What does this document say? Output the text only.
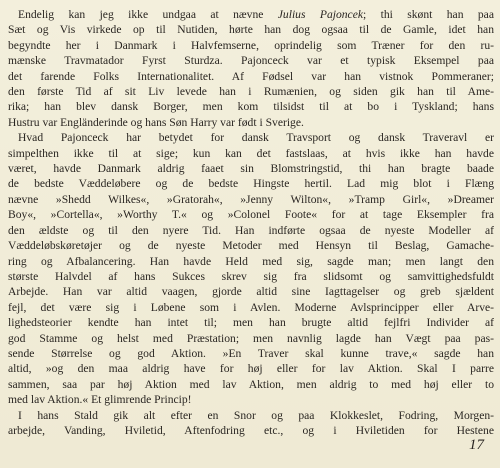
Endelig kan jeg ikke undgaa at nævne Julius Pajoncek; thi skønt han paa
Sæt og Vis virkede op til Nutiden, hørte han dog ogsaa til de Gamle, idet han
begyndte her i Danmark i Halvfemserne, oprindelig som Træner for den ru-
mænske Travmatador Fyrst Sturdza. Pajonceck var et typisk Eksempel paa
det farende Folks Internationalitet. Af Fødsel var han vistnok Pommeraner;
den første Tid af sit Liv levede han i Rumænien, og siden gik han til Ame-
rika; han blev dansk Borger, men kom tilsidst til at bo i Tyskland; hans
Hustru var Engländerinde og hans Søn Harry var født i Sverige.
Hvad Pajonceck har betydet for dansk Travsport og dansk Traveravl er
simpelthen ikke til at sige; kun kan det fastslaas, at hvis ikke han havde
været, havde Danmark aldrig faaet sin Blomstringstid, thi han bragte baade
de bedste Væddeløbere og de bedste Hingste hertil. Lad mig blot i Flæng
nævne »Shedd Wilkes«, »Gratorah«, »Jenny Wilton«, »Tramp Girl«, »Dreamer
Boy«, »Cortella«, »Worthy T.« og »Colonel Foote« for at tage Eksempler fra
den ældste og til den nyere Tid. Han indførte ogsaa de nyeste Modeller af
Væddeløbskøretøjer og de nyeste Metoder med Hensyn til Beslag, Gamache-
ring og Afbalancering. Han havde Held med sig, sagde man; men langt den
største Halvdel af hans Sukces skrev sig fra slidsomt og samvittighedsfuldt
Arbejde. Han var altid vaagen, gjorde altid sine Iagttagelser og greb sjældent
fejl, det være sig i Løbene som i Avlen. Moderne Avlsprincipper eller Arve-
lighedsteorier kendte han intet til; men han brugte altid fejlfri Individer af
god Stamme og helst med Præstation; men navnlig lagde han Vægt paa pas-
sende Størrelse og god Aktion. »En Traver skal kunne trave,« sagde han
altid, »og den maa aldrig have for høj eller for lav Aktion. Skal I parre
sammen, saa par høj Aktion med lav Aktion, men aldrig to med høj eller to
med lav Aktion.« Et glimrende Princip!
I hans Stald gik alt efter en Snor og paa Klokkeslet, Fodring, Morgen-
arbejde, Vanding, Hviletid, Aftenfodring etc., og i Hviletiden for Hestene
17
